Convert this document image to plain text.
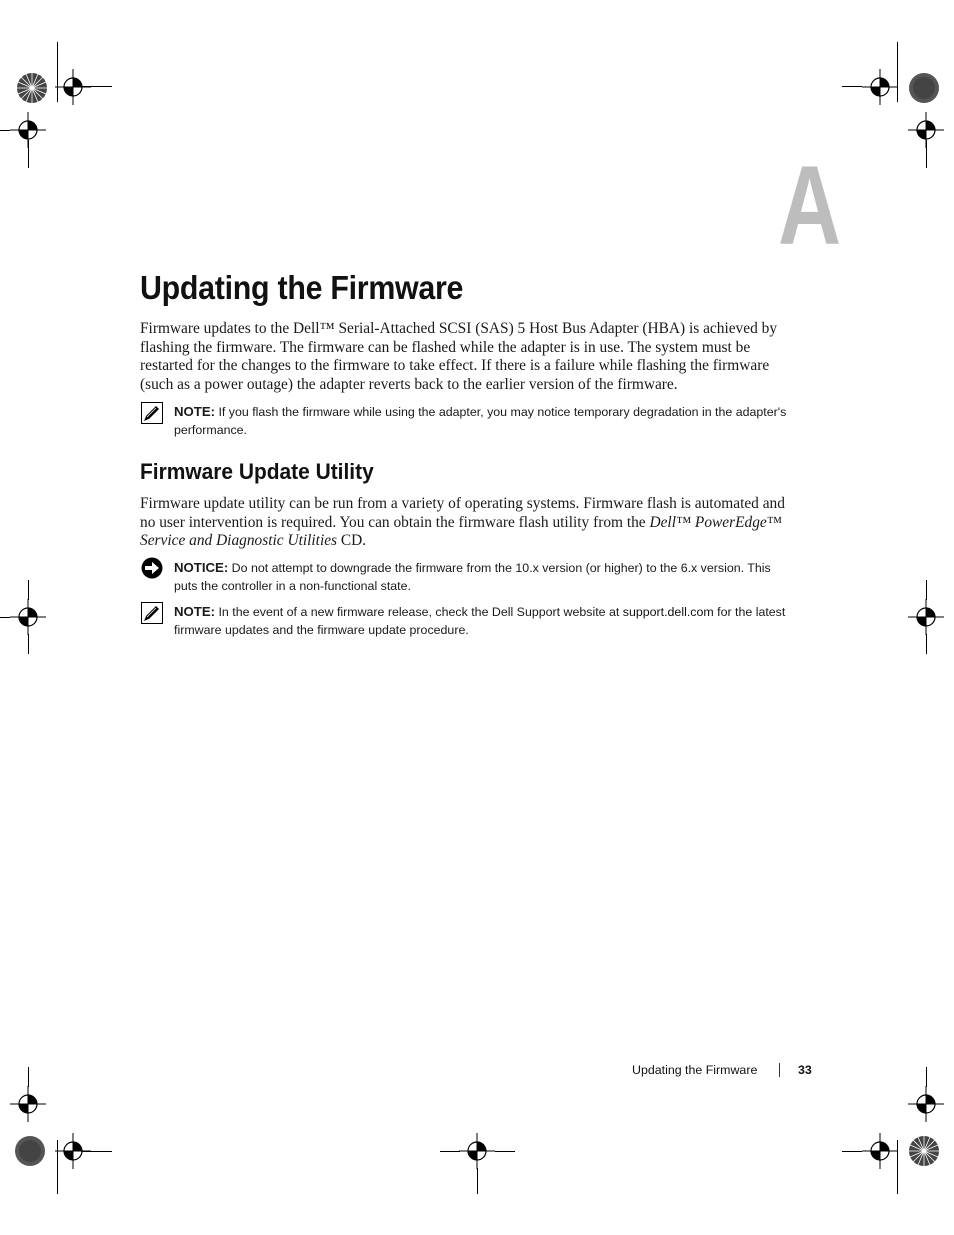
A
Updating the Firmware

Firmware updates to the Dell™ Serial-Attached SCSI (SAS) 5 Host Bus Adapter (HBA) is achieved by flashing the firmware. The firmware can be flashed while the adapter is in use. The system must be restarted for the changes to the firmware to take effect. If there is a failure while flashing the firmware (such as a power outage) the adapter reverts back to the earlier version of the firmware.

NOTE: If you flash the firmware while using the adapter, you may notice temporary degradation in the adapter's performance.

Firmware Update Utility

Firmware update utility can be run from a variety of operating systems. Firmware flash is automated and no user intervention is required. You can obtain the firmware flash utility from the Dell™ PowerEdge™ Service and Diagnostic Utilities CD.

NOTICE: Do not attempt to downgrade the firmware from the 10.x version (or higher) to the 6.x version. This puts the controller in a non-functional state.

NOTE: In the event of a new firmware release, check the Dell Support website at support.dell.com for the latest firmware updates and the firmware update procedure.

Updating the Firmware	33
